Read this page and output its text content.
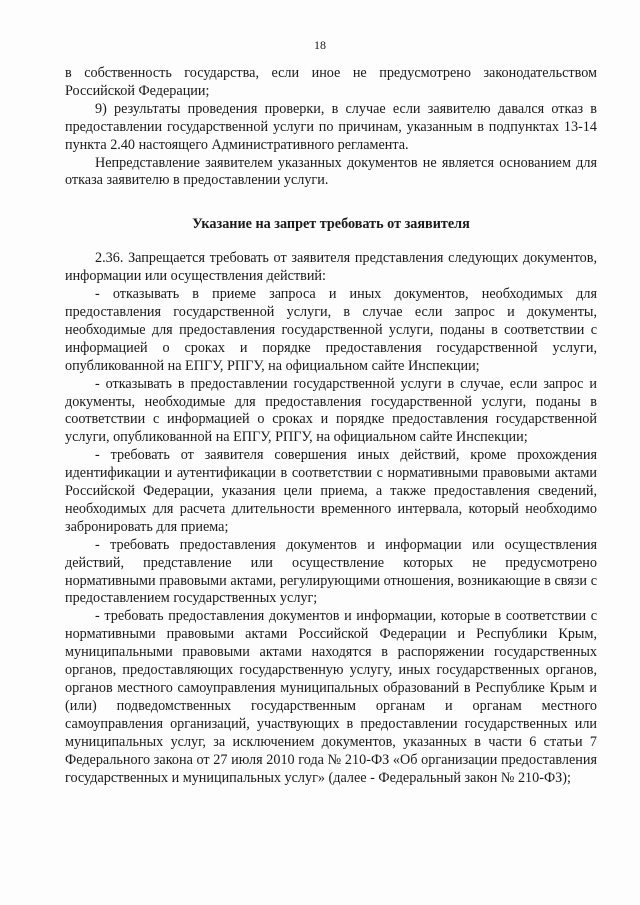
18

в собственность государства, если иное не предусмотрено законодательством Российской Федерации;

9) результаты проведения проверки, в случае если заявителю давался отказ в предоставлении государственной услуги по причинам, указанным в подпунктах 13-14 пункта 2.40 настоящего Административного регламента.

Непредставление заявителем указанных документов не является основанием для отказа заявителю в предоставлении услуги.

Указание на запрет требовать от заявителя

2.36. Запрещается требовать от заявителя представления следующих документов, информации или осуществления действий:

- отказывать в приеме запроса и иных документов, необходимых для предоставления государственной услуги, в случае если запрос и документы, необходимые для предоставления государственной услуги, поданы в соответствии с информацией о сроках и порядке предоставления государственной услуги, опубликованной на ЕПГУ, РПГУ, на официальном сайте Инспекции;

- отказывать в предоставлении государственной услуги в случае, если запрос и документы, необходимые для предоставления государственной услуги, поданы в соответствии с информацией о сроках и порядке предоставления государственной услуги, опубликованной на ЕПГУ, РПГУ, на официальном сайте Инспекции;

- требовать от заявителя совершения иных действий, кроме прохождения идентификации и аутентификации в соответствии с нормативными правовыми актами Российской Федерации, указания цели приема, а также предоставления сведений, необходимых для расчета длительности временного интервала, который необходимо забронировать для приема;

- требовать предоставления документов и информации или осуществления действий, представление или осуществление которых не предусмотрено нормативными правовыми актами, регулирующими отношения, возникающие в связи с предоставлением государственных услуг;

- требовать предоставления документов и информации, которые в соответствии с нормативными правовыми актами Российской Федерации и Республики Крым, муниципальными правовыми актами находятся в распоряжении государственных органов, предоставляющих государственную услугу, иных государственных органов, органов местного самоуправления муниципальных образований в Республике Крым и (или) подведомственных государственным органам и органам местного самоуправления организаций, участвующих в предоставлении государственных или муниципальных услуг, за исключением документов, указанных в части 6 статьи 7 Федерального закона от 27 июля 2010 года № 210-ФЗ «Об организации предоставления государственных и муниципальных услуг» (далее - Федеральный закон № 210-ФЗ);
